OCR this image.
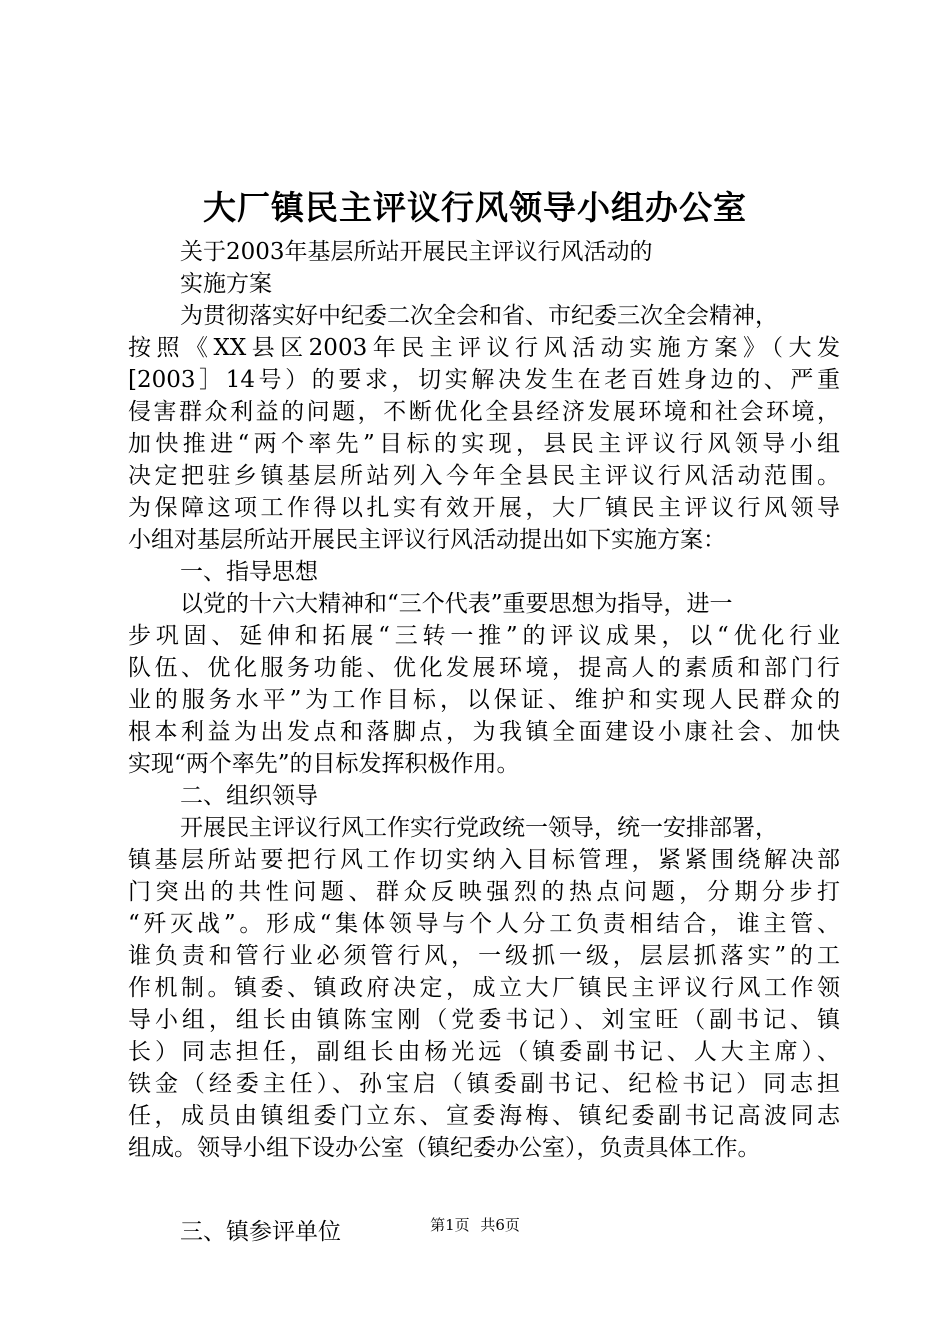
大厂镇民主评议行风领导小组办公室
关于2003年基层所站开展民主评议行风活动的
实施方案
为贯彻落实好中纪委二次全会和省、市纪委三次全会精神，
按照《XX县区2003年民主评议行风活动实施方案》（大发
[2003］14号）的要求，切实解决发生在老百姓身边的、严重
侵害群众利益的问题，不断优化全县经济发展环境和社会环境，
加快推进“两个率先”目标的实现，县民主评议行风领导小组
决定把驻乡镇基层所站列入今年全县民主评议行风活动范围。
为保障这项工作得以扎实有效开展，大厂镇民主评议行风领导
小组对基层所站开展民主评议行风活动提出如下实施方案：
一、指导思想
以党的十六大精神和“三个代表”重要思想为指导，进一
步巩固、延伸和拓展“三转一推”的评议成果，以“优化行业
队伍、优化服务功能、优化发展环境，提高人的素质和部门行
业的服务水平”为工作目标，以保证、维护和实现人民群众的
根本利益为出发点和落脚点，为我镇全面建设小康社会、加快
实现“两个率先”的目标发挥积极作用。
二、组织领导
开展民主评议行风工作实行党政统一领导，统一安排部署，
镇基层所站要把行风工作切实纳入目标管理，紧紧围绕解决部
门突出的共性问题、群众反映强烈的热点问题，分期分步打
“歼灭战”。形成“集体领导与个人分工负责相结合，谁主管、
谁负责和管行业必须管行风，一级抓一级，层层抓落实”的工
作机制。镇委、镇政府决定，成立大厂镇民主评议行风工作领
导小组，组长由镇陈宝刚（党委书记）、刘宝旺（副书记、镇
长）同志担任，副组长由杨光远（镇委副书记、人大主席）、
铁金（经委主任）、孙宝启（镇委副书记、纪检书记）同志担
任，成员由镇组委门立东、宣委海梅、镇纪委副书记高波同志
组成。领导小组下设办公室（镇纪委办公室），负责具体工作。
三、镇参评单位	第1页 共6页
